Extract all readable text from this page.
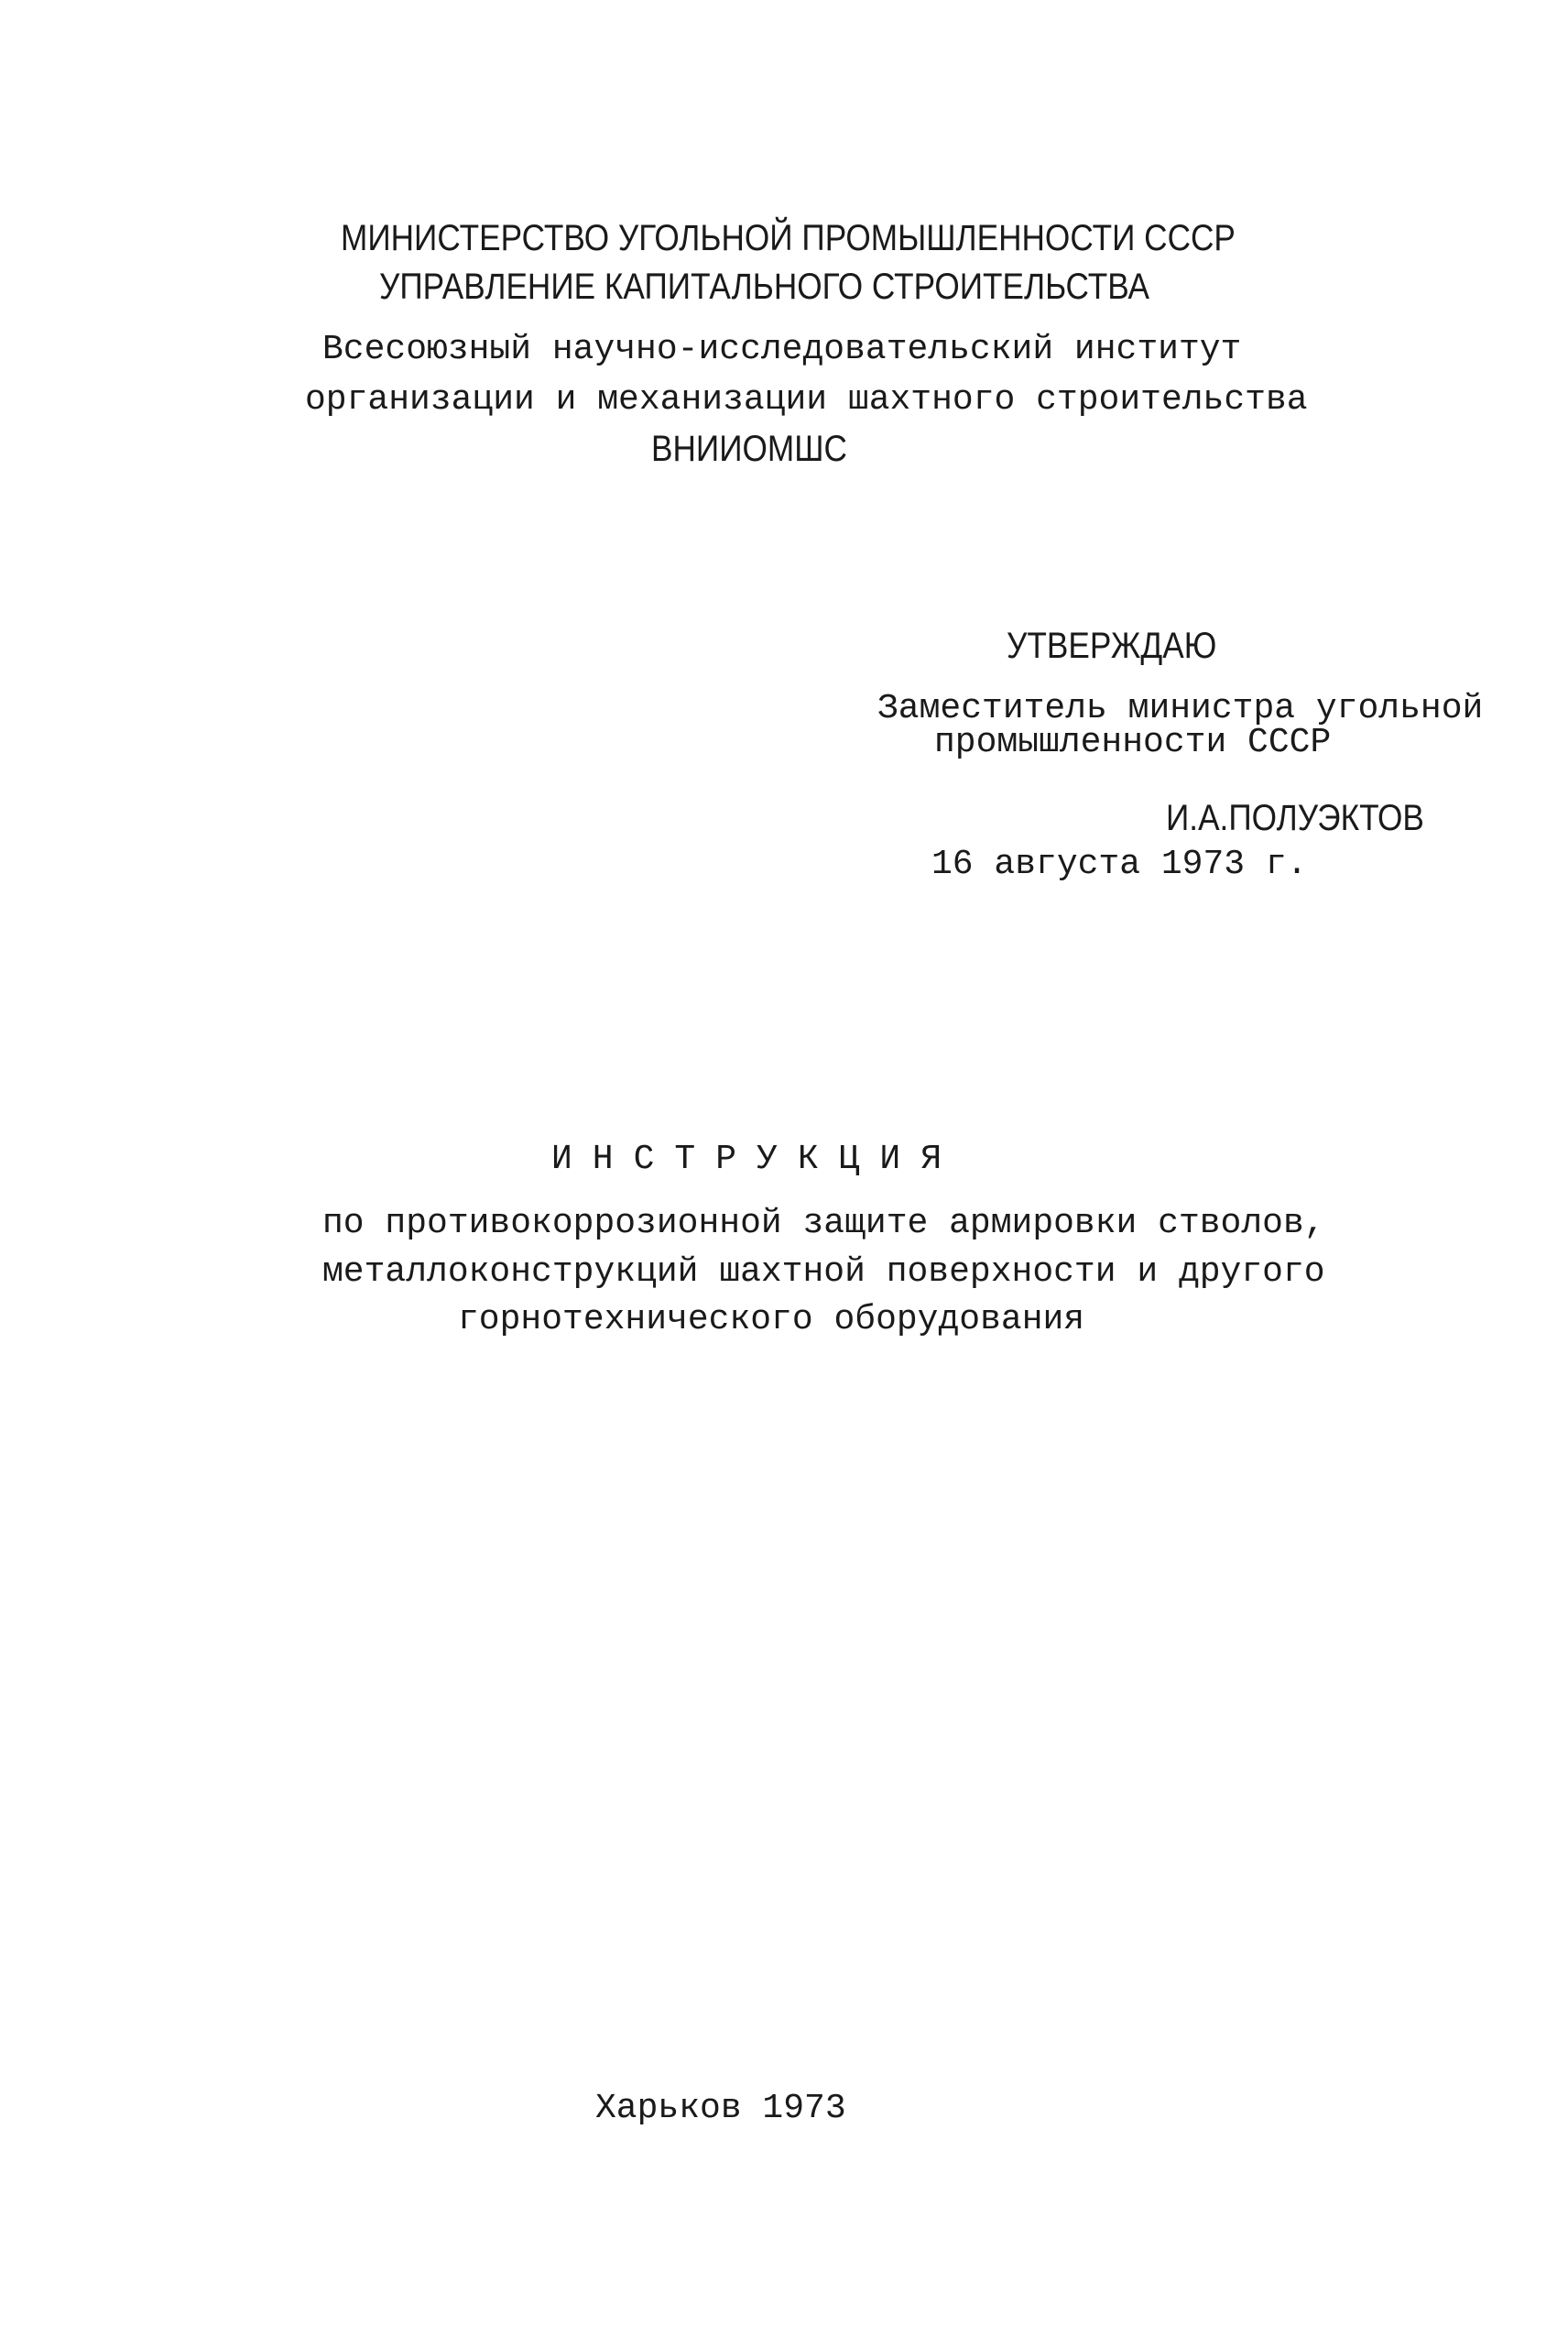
МИНИСТЕРСТВО УГОЛЬНОЙ ПРОМЫШЛЕННОСТИ СССР

УПРАВЛЕНИЕ КАПИТАЛЬНОГО СТРОИТЕЛЬСТВА

Всесоюзный научно-исследовательский институт

организации и механизации шахтного строительства

ВНИИОМШС

УТВЕРЖДАЮ

Заместитель министра угольной

промышленности СССР

И.А.ПОЛУЭКТОВ

16 августа 1973 г.

ИНСТРУКЦИЯ

по противокоррозионной защите армировки стволов,

металлоконструкций шахтной поверхности и другого

горнотехнического оборудования

Харьков 1973
